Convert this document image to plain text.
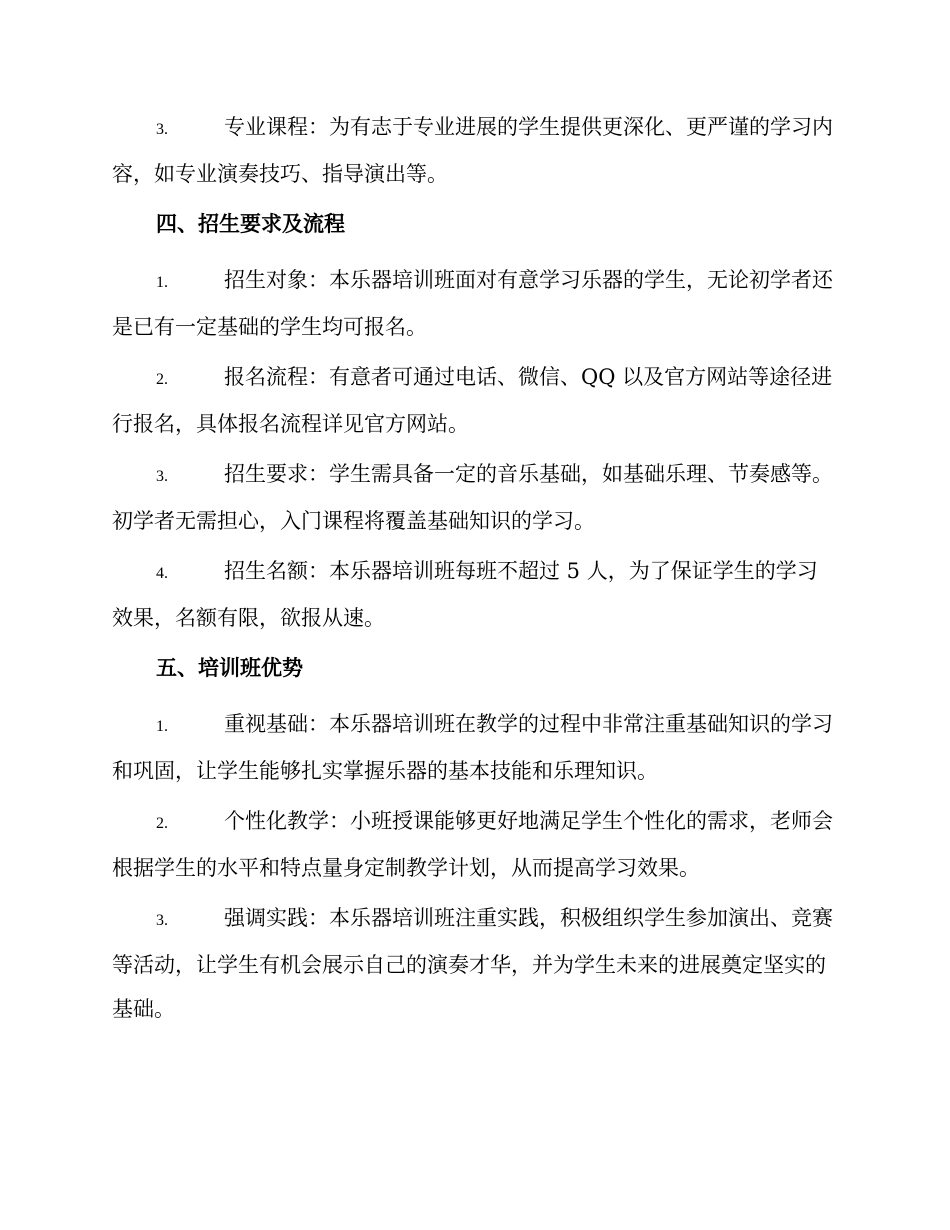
3.	专业课程：为有志于专业进展的学生提供更深化、更严谨的学习内容，如专业演奏技巧、指导演出等。

四、招生要求及流程

1.	招生对象：本乐器培训班面对有意学习乐器的学生，无论初学者还是已有一定基础的学生均可报名。

2.	报名流程：有意者可通过电话、微信、QQ 以及官方网站等途径进行报名，具体报名流程详见官方网站。

3.	招生要求：学生需具备一定的音乐基础，如基础乐理、节奏感等。初学者无需担心，入门课程将覆盖基础知识的学习。

4.	招生名额：本乐器培训班每班不超过 5 人，为了保证学生的学习效果，名额有限，欲报从速。

五、培训班优势

1.	重视基础：本乐器培训班在教学的过程中非常注重基础知识的学习和巩固，让学生能够扎实掌握乐器的基本技能和乐理知识。

2.	个性化教学：小班授课能够更好地满足学生个性化的需求，老师会根据学生的水平和特点量身定制教学计划，从而提高学习效果。

3.	强调实践：本乐器培训班注重实践，积极组织学生参加演出、竞赛等活动，让学生有机会展示自己的演奏才华，并为学生未来的进展奠定坚实的基础。
